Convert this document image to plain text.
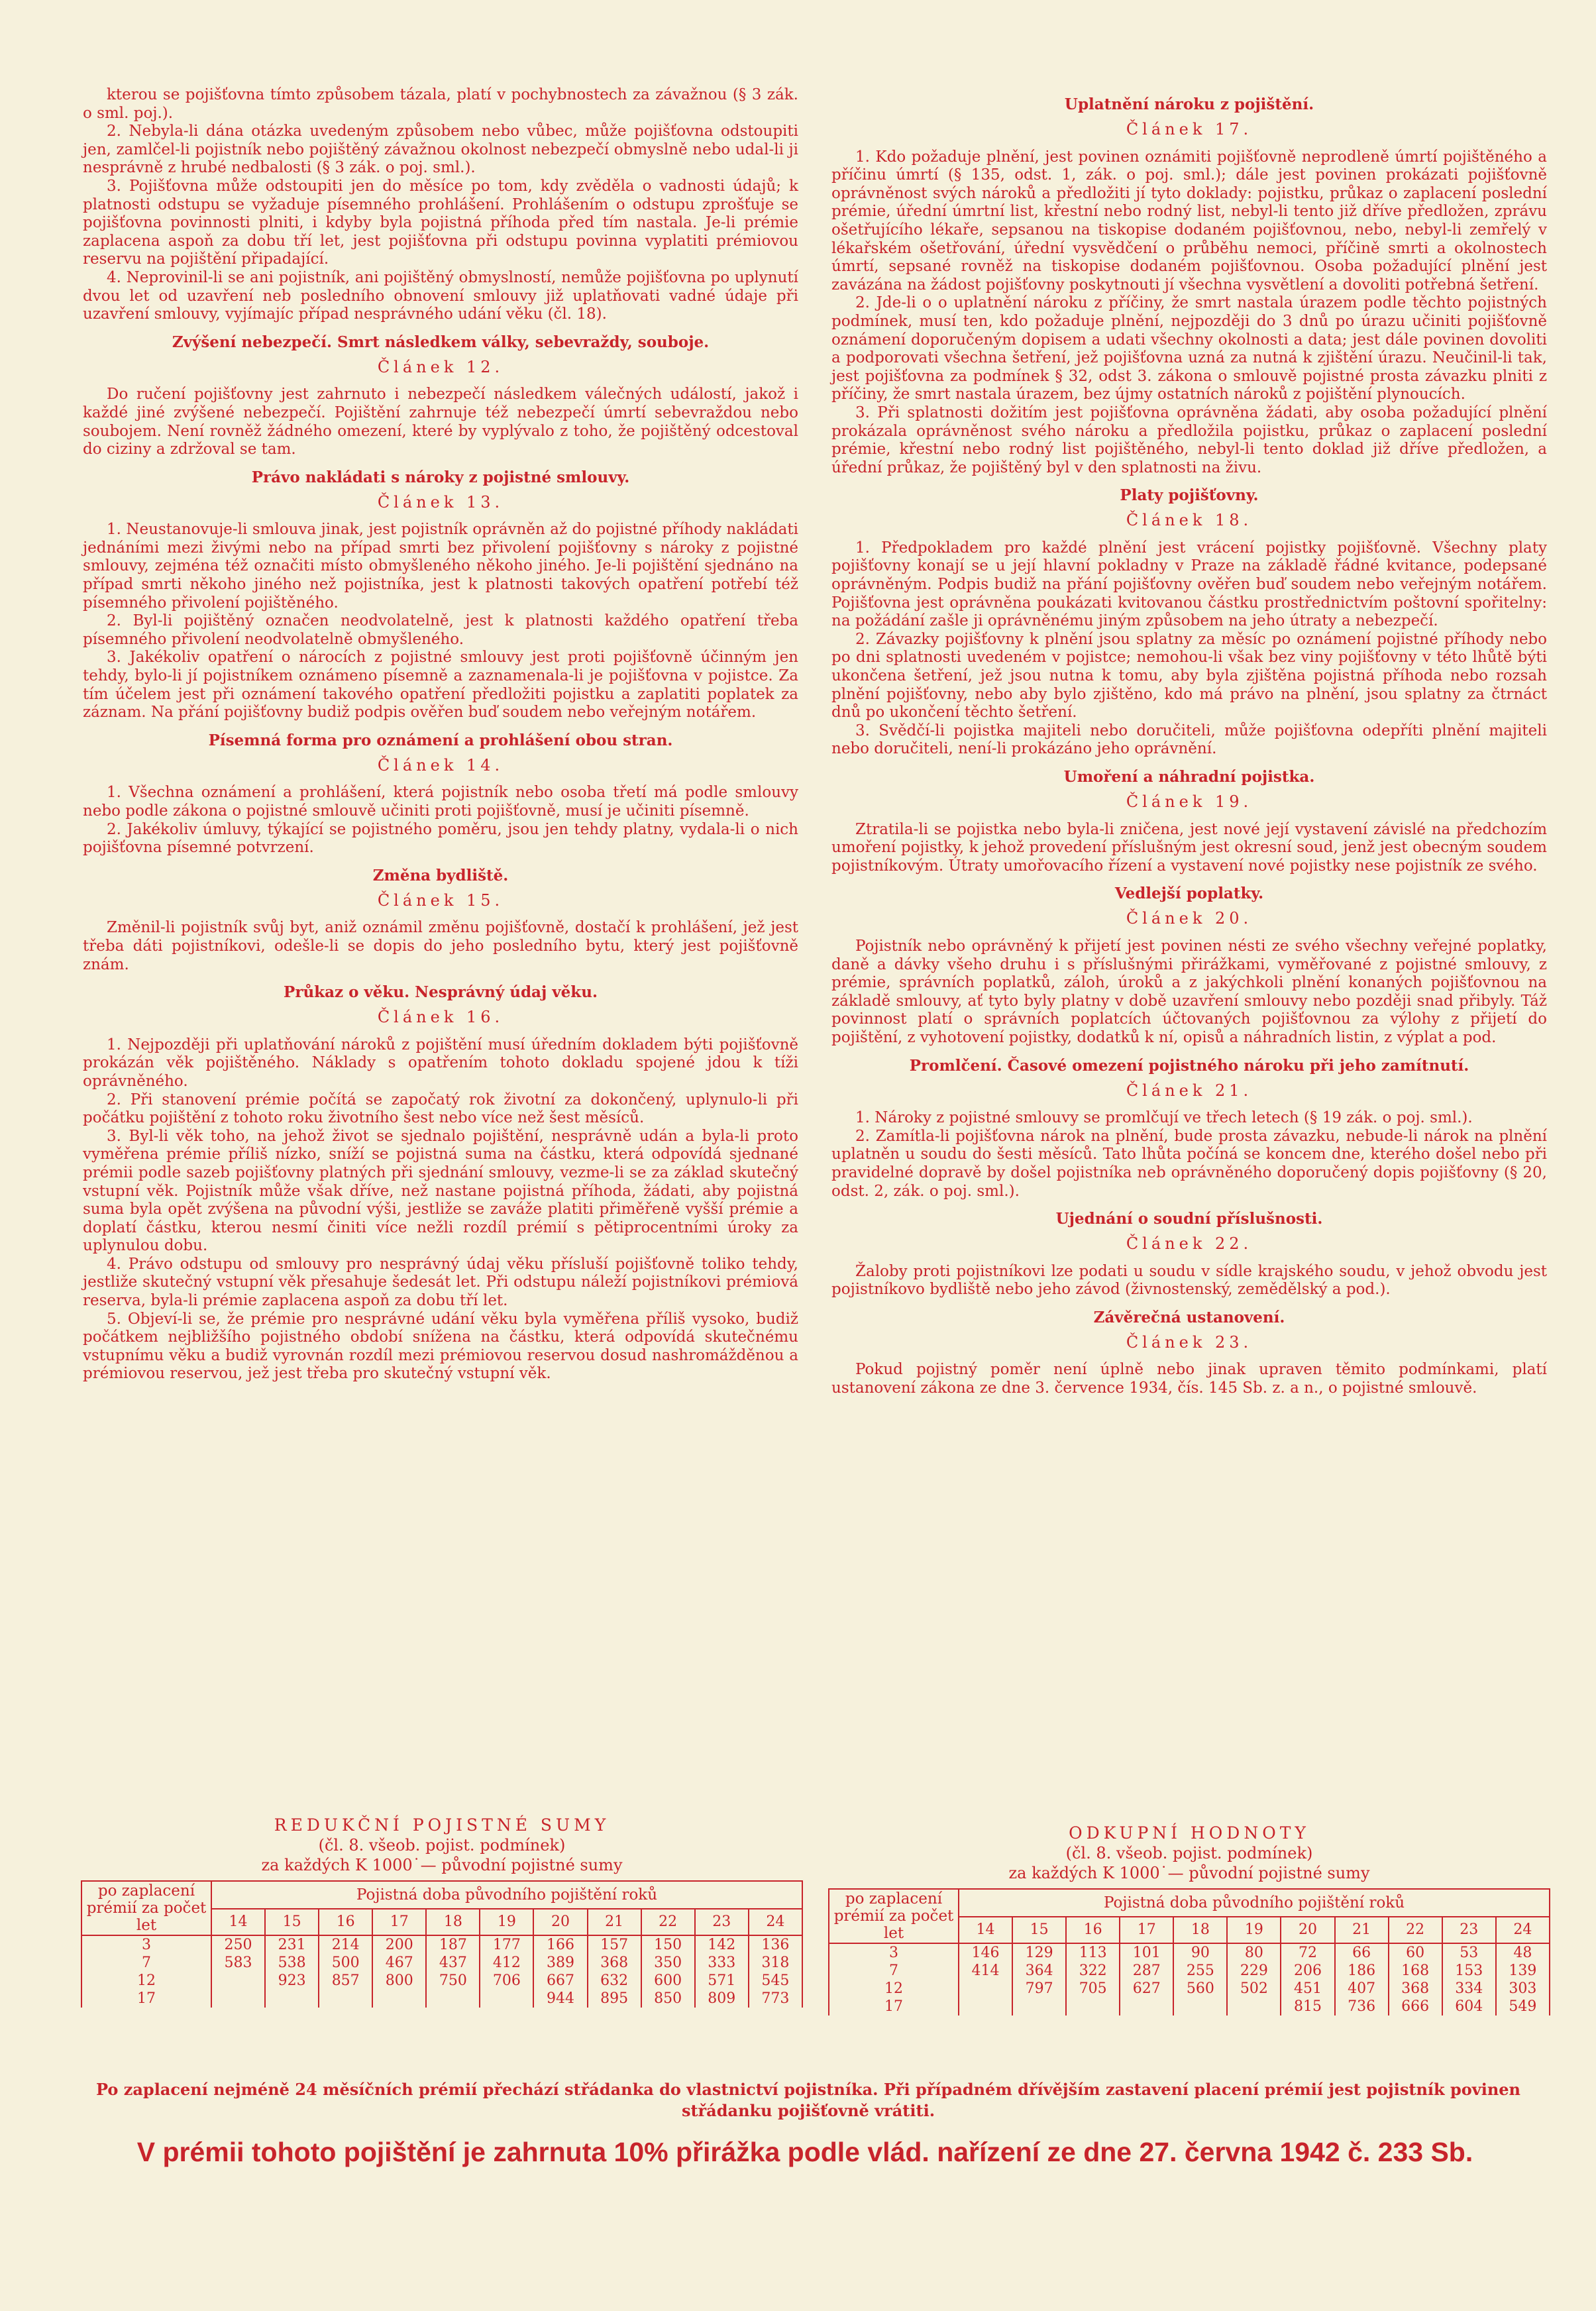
kterou se pojišťovna tímto způsobem tázala, platí v pochybnostech za závažnou (§ 3 zák. o sml. poj.).

2. Nebyla-li dána otázka uvedeným způsobem nebo vůbec, může pojišťovna odstoupiti jen, zamlčel-li pojistník nebo pojištěný závažnou okolnost nebezpečí obmyslně nebo udal-li ji nesprávně z hrubé nedbalosti (§ 3 zák. o poj. sml.).

3. Pojišťovna může odstoupiti jen do měsíce po tom, kdy zvěděla o vadnosti údajů; k platnosti odstupu se vyžaduje písemného prohlášení. Prohlášením o odstupu zprošťuje se pojišťovna povinnosti plniti, i kdyby byla pojistná příhoda před tím nastala. Je-li prémie zaplacena aspoň za dobu tří let, jest pojišťovna při odstupu povinna vyplatiti prémiovou reservu na pojištění připadající.

4. Neprovinil-li se ani pojistník, ani pojištěný obmyslností, nemůže pojišťovna po uplynutí dvou let od uzavření neb posledního obnovení smlouvy již uplatňovati vadné údaje při uzavření smlouvy, vyjímajíc případ nesprávného udání věku (čl. 18).

Zvýšení nebezpečí. Smrt následkem války, sebevraždy, souboje.
Článek 12.

Do ručení pojišťovny jest zahrnuto i nebezpečí následkem válečných událostí, jakož i každé jiné zvýšené nebezpečí. Pojištění zahrnuje též nebezpečí úmrtí sebevraždou nebo soubojem. Není rovněž žádného omezení, které by vyplývalo z toho, že pojištěný odcestoval do ciziny a zdržoval se tam.

Právo nakládati s nároky z pojistné smlouvy.
Článek 13.

1. Neustanovuje-li smlouva jinak, jest pojistník oprávněn až do pojistné příhody nakládati jednáními mezi živými nebo na případ smrti bez přivolení pojišťovny s nároky z pojistné smlouvy, zejména též označiti místo obmyšleného někoho jiného. Je-li pojištění sjednáno na případ smrti někoho jiného než pojistníka, jest k platnosti takových opatření potřebí též písemného přivolení pojištěného.

2. Byl-li pojištěný označen neodvolatelně, jest k platnosti každého opatření třeba písemného přivolení neodvolatelně obmyšleného.

3. Jakékoliv opatření o nárocích z pojistné smlouvy jest proti pojišťovně účinným jen tehdy, bylo-li jí pojistníkem oznámeno písemně a zaznamenala-li je pojišťovna v pojistce. Za tím účelem jest při oznámení takového opatření předložiti pojistku a zaplatiti poplatek za záznam. Na přání pojišťovny budiž podpis ověřen buď soudem nebo veřejným notářem.

Písemná forma pro oznámení a prohlášení obou stran.
Článek 14.

1. Všechna oznámení a prohlášení, která pojistník nebo osoba třetí má podle smlouvy nebo podle zákona o pojistné smlouvě učiniti proti pojišťovně, musí je učiniti písemně.

2. Jakékoliv úmluvy, týkající se pojistného poměru, jsou jen tehdy platny, vydala-li o nich pojišťovna písemné potvrzení.

Změna bydliště.
Článek 15.

Změnil-li pojistník svůj byt, aniž oznámil změnu pojišťovně, dostačí k prohlášení, jež jest třeba dáti pojistníkovi, odešle-li se dopis do jeho posledního bytu, který jest pojišťovně znám.

Průkaz o věku. Nesprávný údaj věku.
Článek 16.

1. Nejpozději při uplatňování nároků z pojištění musí úředním dokladem býti pojišťovně prokázán věk pojištěného. Náklady s opatřením tohoto dokladu spojené jdou k tíži oprávněného.

2. Při stanovení prémie počítá se započatý rok životní za dokončený, uplynulo-li při počátku pojištění z tohoto roku životního šest nebo více než šest měsíců.

3. Byl-li věk toho, na jehož život se sjednalo pojištění, nesprávně udán a byla-li proto vyměřena prémie příliš nízko, sníží se pojistná suma na částku, která odpovídá sjednané prémii podle sazeb pojišťovny platných při sjednání smlouvy, vezme-li se za základ skutečný vstupní věk. Pojistník může však dříve, než nastane pojistná příhoda, žádati, aby pojistná suma byla opět zvýšena na původní výši, jestliže se zaváže platiti přiměřeně vyšší prémie a doplatí částku, kterou nesmí činiti více nežli rozdíl prémií s pětiprocentními úroky za uplynulou dobu.

4. Právo odstupu od smlouvy pro nesprávný údaj věku přísluší pojišťovně toliko tehdy, jestliže skutečný vstupní věk přesahuje šedesát let. Při odstupu náleží pojistníkovi prémiová reserva, byla-li prémie zaplacena aspoň za dobu tří let.

5. Objeví-li se, že prémie pro nesprávné udání věku byla vyměřena příliš vysoko, budiž počátkem nejbližšího pojistného období snížena na částku, která odpovídá skutečnému vstupnímu věku a budiž vyrovnán rozdíl mezi prémiovou reservou dosud nashromážděnou a prémiovou reservou, jež jest třeba pro skutečný vstupní věk.

Uplatnění nároku z pojištění.
Článek 17.

1. Kdo požaduje plnění, jest povinen oznámiti pojišťovně neprodleně úmrtí pojištěného a příčinu úmrtí (§ 135, odst. 1, zák. o poj. sml.); dále jest povinen prokázati pojišťovně oprávněnost svých nároků a předložiti jí tyto doklady: pojistku, průkaz o zaplacení poslední prémie, úřední úmrtní list, křestní nebo rodný list, nebyl-li tento již dříve předložen, zprávu ošetřujícího lékaře, sepsanou na tiskopise dodaném pojišťovnou, nebo, nebyl-li zemřelý v lékařském ošetřování, úřední vysvědčení o průběhu nemoci, příčině smrti a okolnostech úmrtí, sepsané rovněž na tiskopise dodaném pojišťovnou. Osoba požadující plnění jest zavázána na žádost pojišťovny poskytnouti jí všechna vysvětlení a dovoliti potřebná šetření.

2. Jde-li o o uplatnění nároku z příčiny, že smrt nastala úrazem podle těchto pojistných podmínek, musí ten, kdo požaduje plnění, nejpozději do 3 dnů po úrazu učiniti pojišťovně oznámení doporučeným dopisem a udati všechny okolnosti a data; jest dále povinen dovoliti a podporovati všechna šetření, jež pojišťovna uzná za nutná k zjištění úrazu. Neučinil-li tak, jest pojišťovna za podmínek § 32, odst 3. zákona o smlouvě pojistné prosta závazku plniti z příčiny, že smrt nastala úrazem, bez újmy ostatních nároků z pojištění plynoucích.

3. Při splatnosti dožitím jest pojišťovna oprávněna žádati, aby osoba požadující plnění prokázala oprávněnost svého nároku a předložila pojistku, průkaz o zaplacení poslední prémie, křestní nebo rodný list pojištěného, nebyl-li tento doklad již dříve předložen, a úřední průkaz, že pojištěný byl v den splatnosti na živu.

Platy pojišťovny.
Článek 18.

1. Předpokladem pro každé plnění jest vrácení pojistky pojišťovně. Všechny platy pojišťovny konají se u její hlavní pokladny v Praze na základě řádné kvitance, podepsané oprávněným. Podpis budiž na přání pojišťovny ověřen buď soudem nebo veřejným notářem. Pojišťovna jest oprávněna poukázati kvitovanou částku prostřednictvím poštovní spořitelny: na požádání zašle ji oprávněnému jiným způsobem na jeho útraty a nebezpečí.

2. Závazky pojišťovny k plnění jsou splatny za měsíc po oznámení pojistné příhody nebo po dni splatnosti uvedeném v pojistce; nemohou-li však bez viny pojišťovny v této lhůtě býti ukončena šetření, jež jsou nutna k tomu, aby byla zjištěna pojistná příhoda nebo rozsah plnění pojišťovny, nebo aby bylo zjištěno, kdo má právo na plnění, jsou splatny za čtrnáct dnů po ukončení těchto šetření.

3. Svědčí-li pojistka majiteli nebo doručiteli, může pojišťovna odepříti plnění majiteli nebo doručiteli, není-li prokázáno jeho oprávnění.

Umoření a náhradní pojistka.
Článek 19.

Ztratila-li se pojistka nebo byla-li zničena, jest nové její vystavení závislé na předchozím umoření pojistky, k jehož provedení příslušným jest okresní soud, jenž jest obecným soudem pojistníkovým. Útraty umořovacího řízení a vystavení nové pojistky nese pojistník ze svého.

Vedlejší poplatky.
Článek 20.

Pojistník nebo oprávněný k přijetí jest povinen nésti ze svého všechny veřejné poplatky, daně a dávky všeho druhu i s příslušnými přirážkami, vyměřované z pojistné smlouvy, z prémie, správních poplatků, záloh, úroků a z jakýchkoli plnění konaných pojišťovnou na základě smlouvy, ať tyto byly platny v době uzavření smlouvy nebo později snad přibyly. Táž povinnost platí o správních poplatcích účtovaných pojišťovnou za výlohy z přijetí do pojištění, z vyhotovení pojistky, dodatků k ní, opisů a náhradních listin, z výplat a pod.

Promlčení. Časové omezení pojistného nároku při jeho zamítnutí.
Článek 21.

1. Nároky z pojistné smlouvy se promlčují ve třech letech (§ 19 zák. o poj. sml.).

2. Zamítla-li pojišťovna nárok na plnění, bude prosta závazku, nebude-li nárok na plnění uplatněn u soudu do šesti měsíců. Tato lhůta počíná se koncem dne, kterého došel nebo při pravidelné dopravě by došel pojistníka neb oprávněného doporučený dopis pojišťovny (§ 20, odst. 2, zák. o poj. sml.).

Ujednání o soudní příslušnosti.
Článek 22.

Žaloby proti pojistníkovi lze podati u soudu v sídle krajského soudu, v jehož obvodu jest pojistníkovo bydliště nebo jeho závod (živnostenský, zemědělský a pod.).

Závěrečná ustanovení.
Článek 23.

Pokud pojistný poměr není úplně nebo jinak upraven těmito podmínkami, platí ustanovení zákona ze dne 3. července 1934, čís. 145 Sb. z. a n., o pojistné smlouvě.

REDUKČNÍ POJISTNÉ SUMY
(čl. 8. všeob. pojist. podmínek)
za každých K 1000˙— původní pojistné sumy
po zaplacení prémií za počet let	Pojistná doba původního pojištění roků										
	14	15	16	17	18	19	20	21	22	23	24
3	250	231	214	200	187	177	166	157	150	142	136
7	583	538	500	467	437	412	389	368	350	333	318
12		923	857	800	750	706	667	632	600	571	545
17							944	895	850	809	773
ODKUPNÍ HODNOTY
(čl. 8. všeob. pojist. podmínek)
za každých K 1000˙— původní pojistné sumy
po zaplacení prémií za počet let	Pojistná doba původního pojištění roků										
	14	15	16	17	18	19	20	21	22	23	24
3	146	129	113	101	90	80	72	66	60	53	48
7	414	364	322	287	255	229	206	186	168	153	139
12		797	705	627	560	502	451	407	368	334	303
17							815	736	666	604	549
Po zaplacení nejméně 24 měsíčních prémií přechází střádanka do vlastnictví pojistníka. Při případném dřívějším zastavení placení prémií jest pojistník povinen střádanku pojišťovně vrátiti.
V prémii tohoto pojištění je zahrnuta 10% přirážka podle vlád. nařízení ze dne 27. června 1942 č. 233 Sb.
